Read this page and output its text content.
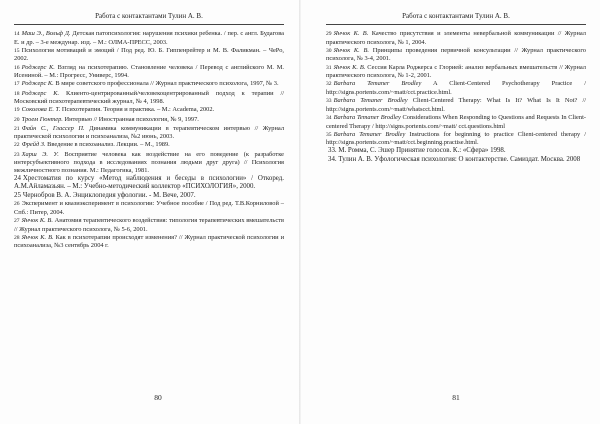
Работа с контактантами Тулин А. В.
14 Маш Э., Вольф Д. Детская патопсихология: нарушения психики ребенка. / пер. с англ. Будагова Е. и др. – 3-е междунар. изд. – М.: ОЛМА-ПРЕСС, 2003.
15 Психология мотиваций и эмоций / Под ред. Ю. Б. Гиппенрейтер и М. В. Фаликман. – ЧеРо, 2002.
16 Роджерс К. Взгляд на психотерапию. Становление человека / Перевод с английского М. М. Исениной. – М.: Прогресс, Универс, 1994.
17 Роджерс К. В мире советского профессионала // Журнал практического психолога, 1997, № 3.
18 Роджерс К. Клиенто-центрированный/человекоцентрированный подход к терапии // Московский психотерапевтический журнал, № 4, 1998.
19 Соколова Е. Т. Психотерапия. Теория и практика. – М.: Academa, 2002.
20 Троем Гюнтер. Интервью // Иностранная психология, № 9, 1997.
21 Файн С., Глассер П. Динамика коммуникации в терапевтическом интервью // Журнал практической психологии и психоанализа, №2 июнь, 2003.
22 Фрейд З. Введение в психоанализ. Лекции. – М., 1989.
23 Харш Э. У. Восприятие человека как воздействие на его поведение (к разработке интерсубъективного подхода в исследованиях познания людьми друг друга) // Психология межличностного познания. М.: Педагогика, 1981.
24 Хрестоматия по курсу «Метод наблюдения и беседы в психологии» / Откоред. А.М.Айламазьян. – М.: Учебно-методический коллектор «ПСИХОЛОГИЯ», 2000.
25 Чернобров В. А. Энциклопедия уфологии. - М. Вече, 2007.
26 Эксперимент и квазиэксперимент в психологии: Учебное пособие / Под ред. Т.В.Корниловой – Спб.: Питер, 2004.
27 Янчок К. В. Анатомия терапевтического воздействия: типология терапевтических вмешательств // Журнал практического психолога, № 5-6, 2001.
28 Янчок К. В. Как в психотерапии происходят изменения? // Журнал практической психологии и психоанализа, №3 сентябрь 2004 г.
80
Работа с контактантами Тулин А. В.
29 Янчок К. В. Качество присутствия и элементы невербальной коммуникации // Журнал практического психолога, № 1, 2004.
30 Янчок К. В. Принципы проведения первичной консультации // Журнал практического психолога, № 3-4, 2001.
31 Янчок К. В. Сессия Карла Роджерса с Глорией: анализ вербальных вмешательств // Журнал практического психолога, № 1-2, 2001.
32 Barbara Temaner Brodley A Client-Centered Psychotherapy Practice / http://signs.portents.com/~matt/cct.practice.html.
33 Barbara Temaner Brodley Client-Centered Therapy: What Is It? What Is It Not? // http://signs.portents.com/~matt/whatscct.html.
34 Barbara Temaner Brodley Considerations When Responding to Questions and Requests In Client-centered Therapy / http://signs.portents.com/~matt/ cct.questions.html
35 Barbara Temaner Brodley Instructions for beginning to practice Client-centered therapy / http://signs.portents.com/~matt/cct.beginning.practise.html.
33. М. Ромма, С. Эшер Принятие голосов. К.: «Сфера» 1998.
34. Тулин А. В. Уфологическая психология: О контактерстве. Самиздат. Москва. 2008
81
